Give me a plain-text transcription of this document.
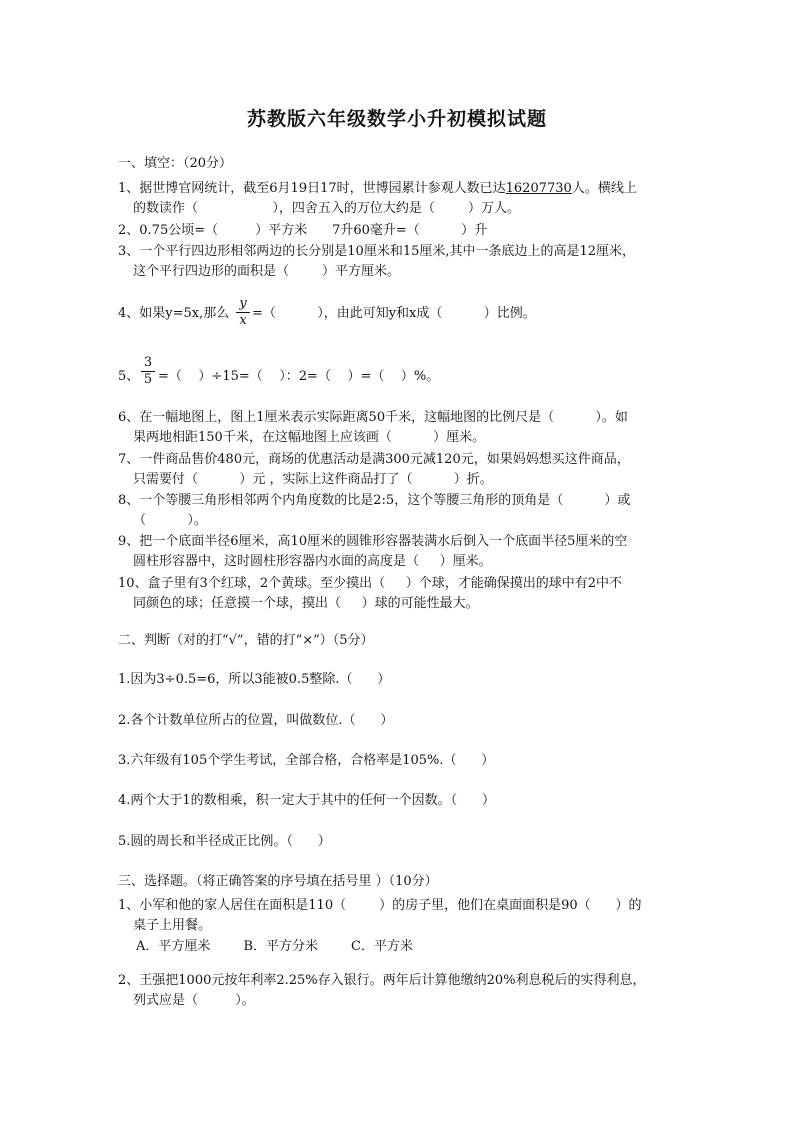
苏教版六年级数学小升初模拟试题
一、填空：（20分）
1、据世博官网统计，截至6月19日17时，世博园累计参观人数已达16207730人。横线上
的数读作（                  ），四舍五入的万位大约是（        ）万人。
2、0.75公顷=（         ）平方米      7升60毫升=（          ）升
3、一个平行四边形相邻两边的长分别是10厘米和15厘米,其中一条底边上的高是12厘米，
这个平行四边形的面积是（        ）平方厘米。
4、如果y=5x,那么 $\frac{y}{x}$ =（          ），由此可知y和x成（          ）比例。
5、 $\frac{3}{5}$ =（    ）÷15=（    ）：2=（    ）=（    ）%。
6、在一幅地图上，图上1厘米表示实际距离50千米，这幅地图的比例尺是（          ）。如
果两地相距150千米，在这幅地图上应该画（          ）厘米。
7、一件商品售价480元，商场的优惠活动是满300元减120元，如果妈妈想买这件商品，
只需要付（          ）元 ，实际上这件商品打了（          ）折。
8、一个等腰三角形相邻两个内角度数的比是2:5，这个等腰三角形的顶角是（          ）或
（          ）。
9、把一个底面半径6厘米，高10厘米的圆锥形容器装满水后倒入一个底面半径5厘米的空
圆柱形容器中，这时圆柱形容器内水面的高度是（     ）厘米。
10、盒子里有3个红球，2个黄球。至少摸出（     ）个球，才能确保摸出的球中有2中不
同颜色的球；任意摸一个球，摸出（     ）球的可能性最大。
二、判断（对的打“√”，错的打“×”）（5分）
1.因为3÷0.5=6，所以3能被0.5整除.（      ）
2.各个计数单位所占的位置，叫做数位.（      ）
3.六年级有105个学生考试，全部合格，合格率是105%.（      ）
4.两个大于1的数相乘，积一定大于其中的任何一个因数。（      ）
5.圆的周长和半径成正比例。（      ）
三、选择题。（将正确答案的序号填在括号里 ）（10分）
1、小军和他的家人居住在面积是110（        ）的房子里，他们在桌面面积是90（      ）的
桌子上用餐。
A．平方厘米        B．平方分米        C．平方米
2、王强把1000元按年利率2.25%存入银行。两年后计算他缴纳20%利息税后的实得利息，
列式应是（         ）。
